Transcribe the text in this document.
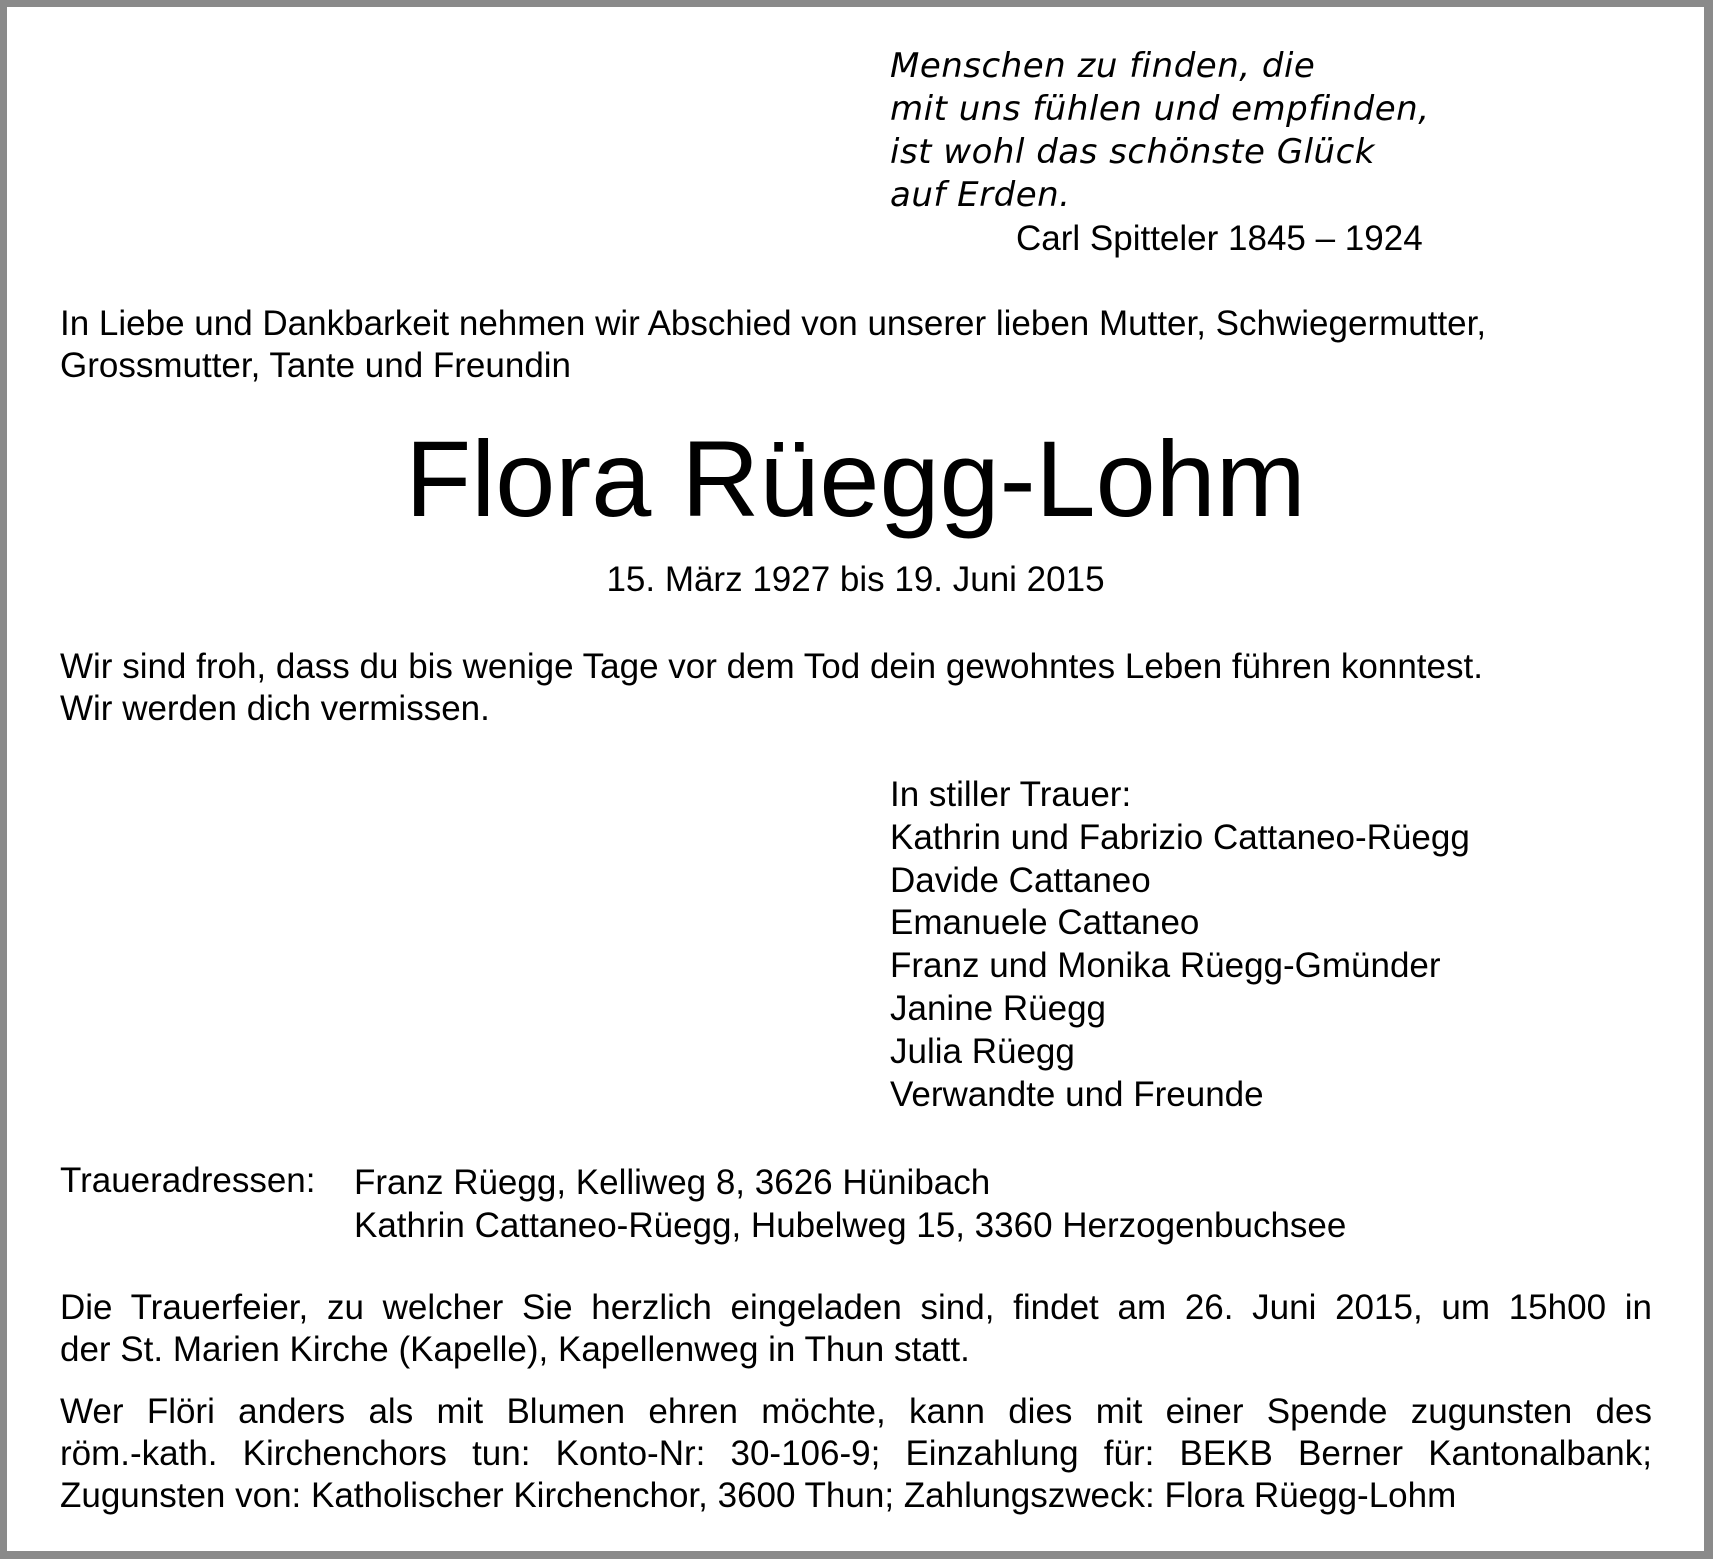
Menschen zu finden, die
mit uns fühlen und empfinden,
ist wohl das schönste Glück
auf Erden.
Carl Spitteler 1845 – 1924
In Liebe und Dankbarkeit nehmen wir Abschied von unserer lieben Mutter, Schwiegermutter,
Grossmutter, Tante und Freundin
Flora Rüegg-Lohm
15. März 1927 bis 19. Juni 2015
Wir sind froh, dass du bis wenige Tage vor dem Tod dein gewohntes Leben führen konntest.
Wir werden dich vermissen.
In stiller Trauer:
Kathrin und Fabrizio Cattaneo-Rüegg
Davide Cattaneo
Emanuele Cattaneo
Franz und Monika Rüegg-Gmünder
Janine Rüegg
Julia Rüegg
Verwandte und Freunde
Traueradressen: Franz Rüegg, Kelliweg 8, 3626 Hünibach
Kathrin Cattaneo-Rüegg, Hubelweg 15, 3360 Herzogenbuchsee
Die Trauerfeier, zu welcher Sie herzlich eingeladen sind, findet am 26. Juni 2015, um 15h00 in
der St. Marien Kirche (Kapelle), Kapellenweg in Thun statt.
Wer Flöri anders als mit Blumen ehren möchte, kann dies mit einer Spende zugunsten des
röm.-kath. Kirchenchors tun: Konto-Nr: 30-106-9; Einzahlung für: BEKB Berner Kantonalbank;
Zugunsten von: Katholischer Kirchenchor, 3600 Thun; Zahlungszweck: Flora Rüegg-Lohm
